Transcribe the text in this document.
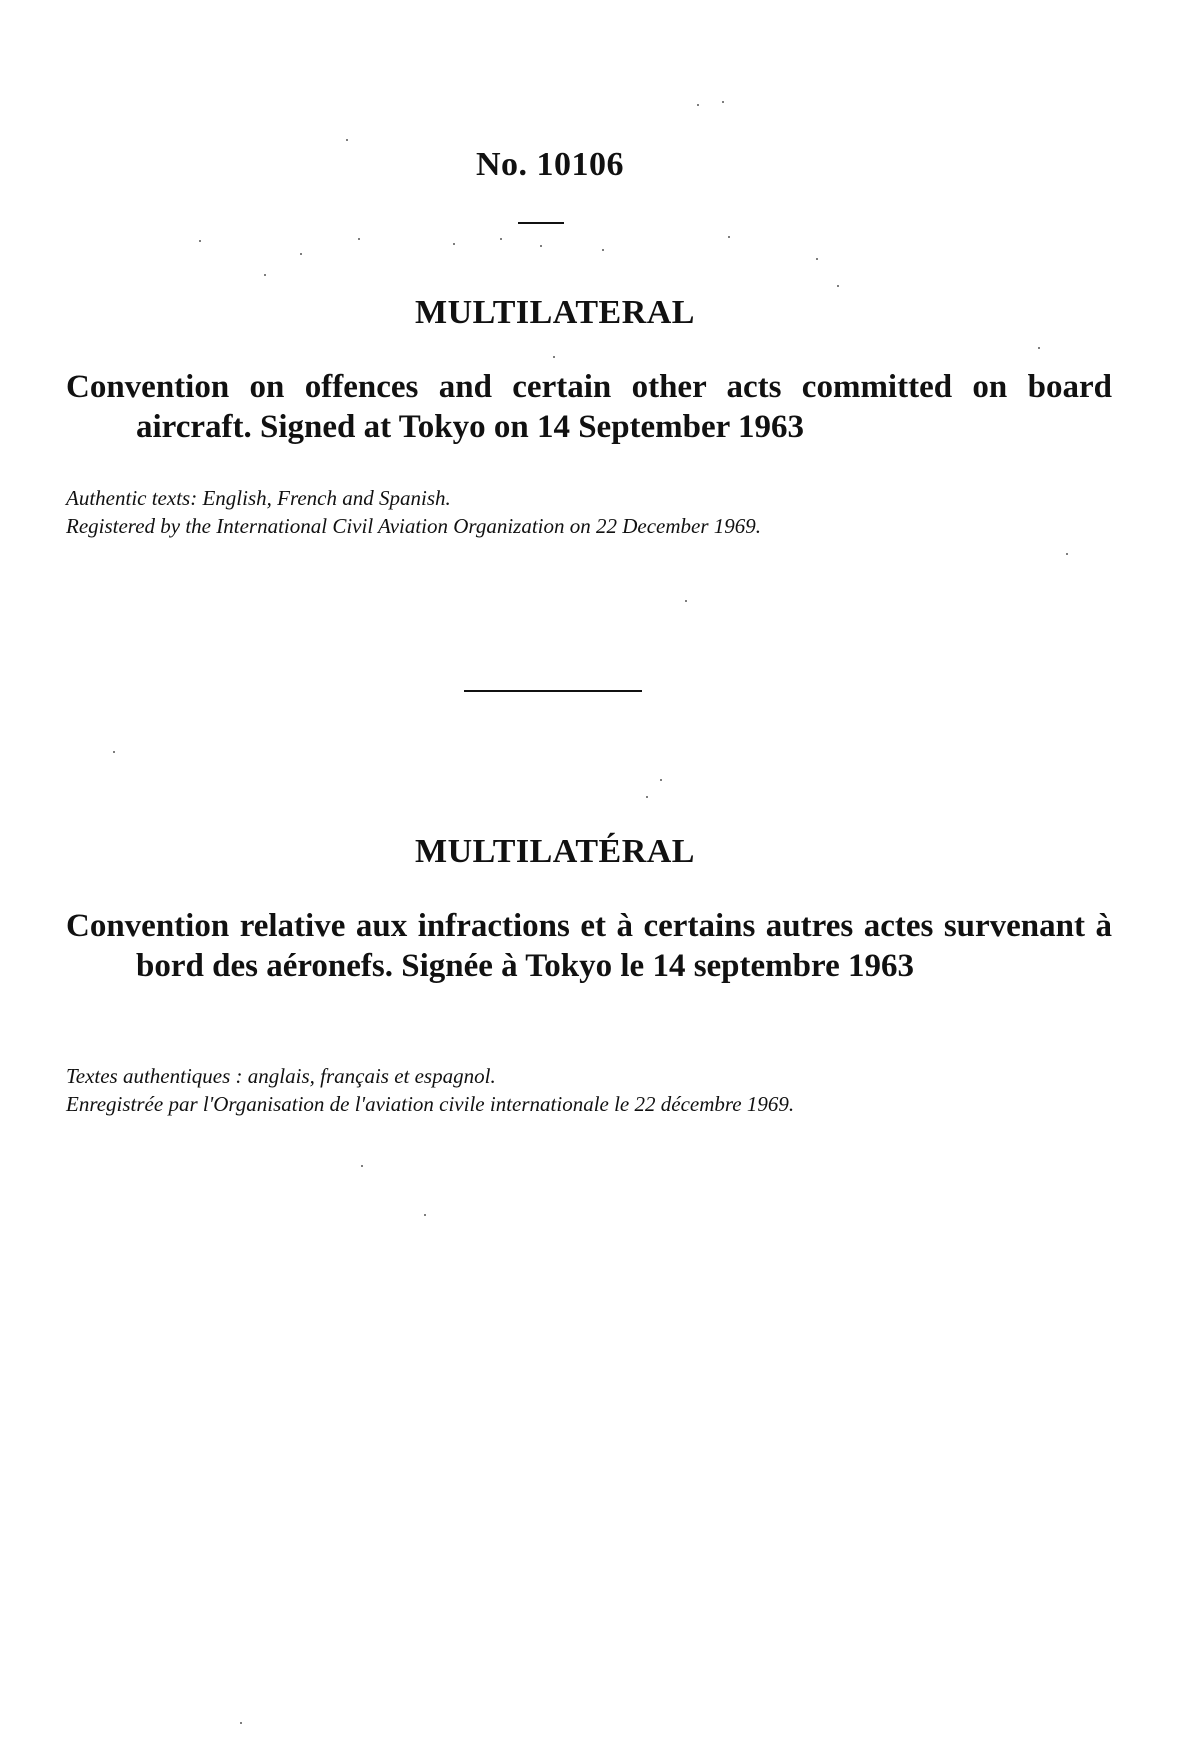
No. 10106
MULTILATERAL

Convention on offences and certain other acts committed on board aircraft. Signed at Tokyo on 14 September 1963

Authentic texts: English, French and Spanish.
Registered by the International Civil Aviation Organization on 22 December 1969.
MULTILATÉRAL

Convention relative aux infractions et à certains autres actes survenant à bord des aéronefs. Signée à Tokyo le 14 septembre 1963

Textes authentiques : anglais, français et espagnol.
Enregistrée par l'Organisation de l'aviation civile internationale le 22 décembre 1969.
